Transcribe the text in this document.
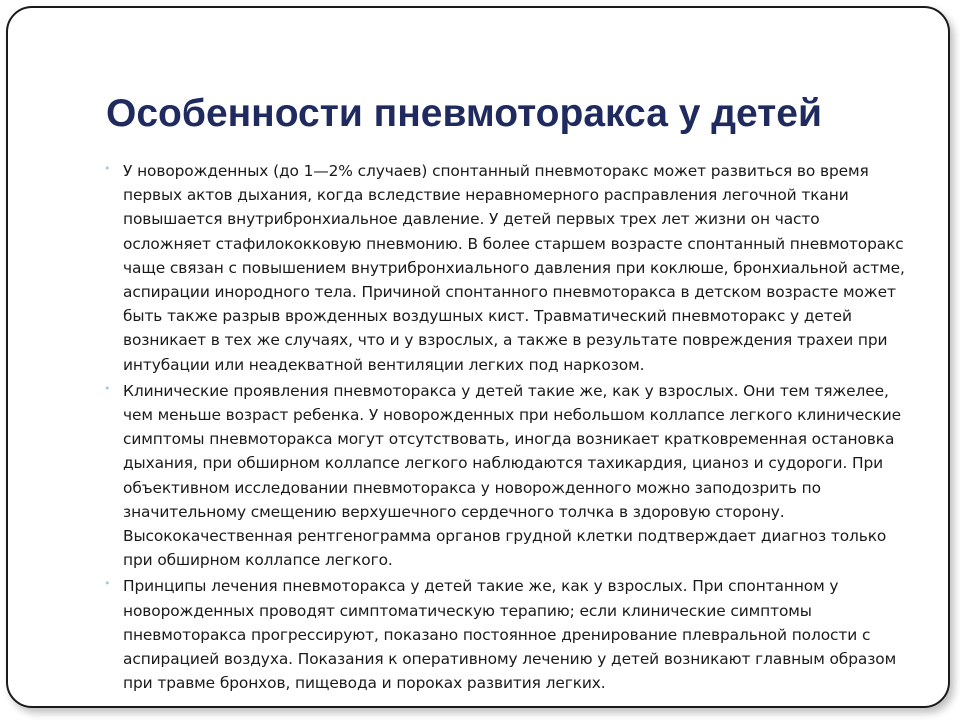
Особенности пневмоторакса у детей
• У новорожденных (до 1—2% случаев) спонтанный пневмоторакс может развиться во время первых актов дыхания, когда вследствие неравномерного расправления легочной ткани повышается внутрибронхиальное давление. У детей первых трех лет жизни он часто осложняет стафилококковую пневмонию. В более старшем возрасте спонтанный пневмоторакс чаще связан с повышением внутрибронхиального давления при коклюше, бронхиальной астме, аспирации инородного тела. Причиной спонтанного пневмоторакса в детском возрасте может быть также разрыв врожденных воздушных кист. Травматический пневмоторакс у детей возникает в тех же случаях, что и у взрослых, а также в результате повреждения трахеи при интубации или неадекватной вентиляции легких под наркозом.
• Клинические проявления пневмоторакса у детей такие же, как у взрослых. Они тем тяжелее, чем меньше возраст ребенка. У новорожденных при небольшом коллапсе легкого клинические симптомы пневмоторакса могут отсутствовать, иногда возникает кратковременная остановка дыхания, при обширном коллапсе легкого наблюдаются тахикардия, цианоз и судороги. При объективном исследовании пневмоторакса у новорожденного можно заподозрить по значительному смещению верхушечного сердечного толчка в здоровую сторону. Высококачественная рентгенограмма органов грудной клетки подтверждает диагноз только при обширном коллапсе легкого.
• Принципы лечения пневмоторакса у детей такие же, как у взрослых. При спонтанном у новорожденных проводят симптоматическую терапию; если клинические симптомы пневмоторакса прогрессируют, показано постоянное дренирование плевральной полости с аспирацией воздуха. Показания к оперативному лечению у детей возникают главным образом при травме бронхов, пищевода и пороках развития легких.
